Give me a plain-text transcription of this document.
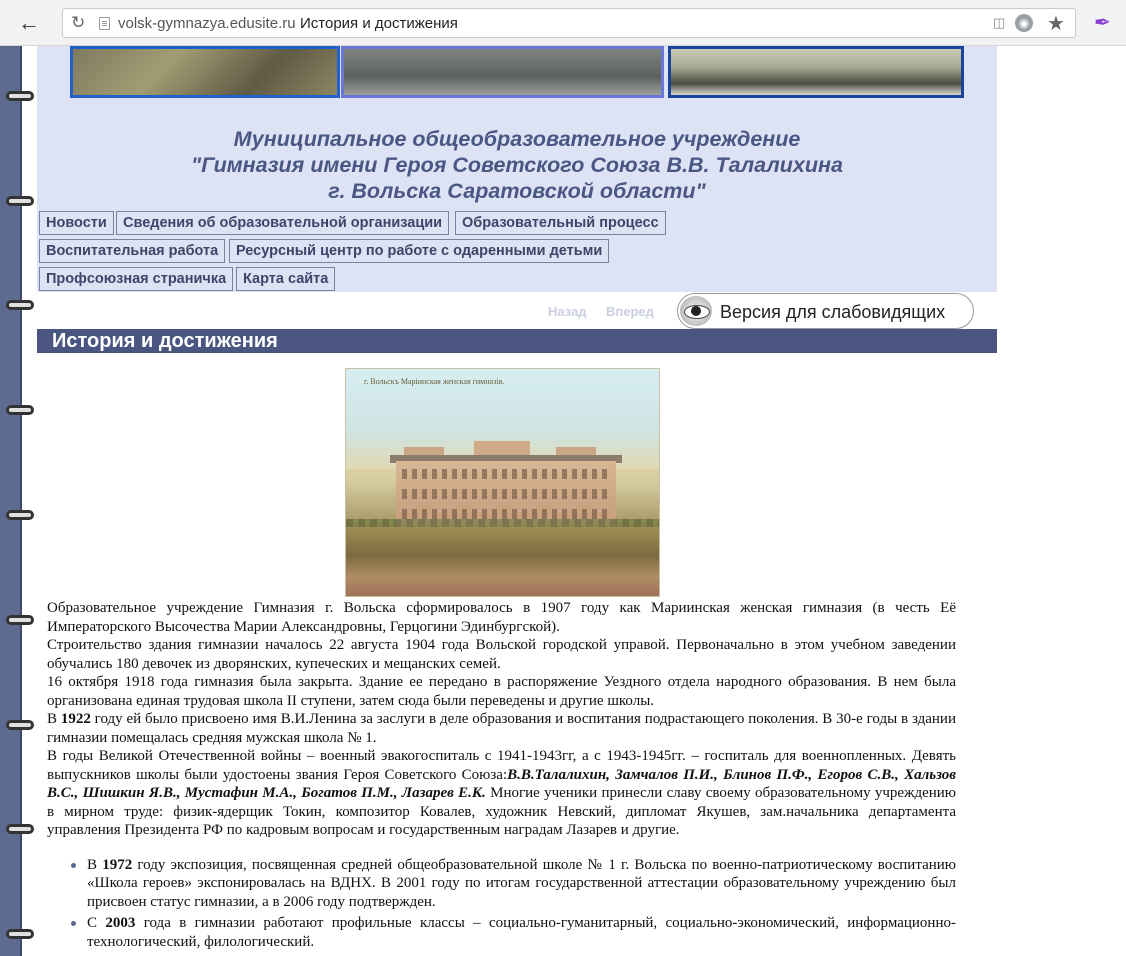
←	↻ volsk-gymnazya.edusite.ru История и достижения	◫	◉ ★ ✒
Муниципальное общеобразовательное учреждение
"Гимназия имени Героя Советского Союза В.В. Талалихина
г. Вольска Саратовской области"
Новости	Сведения об образовательной организации	Образовательный процесс
Воспитательная работа	Ресурсный центр по работе с одаренными детьми
Профсоюзная страничка	Карта сайта
Назад Вперед	Версия для слабовидящих
История и достижения
г. Вольскъ Маріинская женская гимназія.

Образовательное учреждение Гимназия г. Вольска сформировалось в 1907 году как Мариинская женская гимназия (в честь Её Императорского Высочества Марии Александровны, Герцогини Эдинбургской).

Строительство здания гимназии началось 22 августа 1904 года Вольской городской управой. Первоначально в этом учебном заведении обучались 180 девочек из дворянских, купеческих и мещанских семей.

16 октября 1918 года гимназия была закрыта. Здание ее передано в распоряжение Уездного отдела народного образования. В нем была организована единая трудовая школа II ступени, затем сюда были переведены и другие школы.

В 1922 году ей было присвоено имя В.И.Ленина за заслуги в деле образования и воспитания подрастающего поколения. В 30-е годы в здании гимназии помещалась средняя мужская школа № 1.

В годы Великой Отечественной войны – военный эвакогоспиталь с 1941-1943гг, а с 1943-1945гг. – госпиталь для военнопленных. Девять выпускников школы были удостоены звания Героя Советского Союза:В.В.Талалихин, Замчалов П.И., Блинов П.Ф., Егоров С.В., Хальзов В.С., Шишкин Я.В., Мустафин М.А., Богатов П.М., Лазарев Е.К. Многие ученики принесли славу своему образовательному учреждению в мирном труде: физик-ядерщик Токин, композитор Ковалев, художник Невский, дипломат Якушев, зам.начальника департамента управления Президента РФ по кадровым вопросам и государственным наградам Лазарев и другие.

В 1972 году экспозиция, посвященная средней общеобразовательной школе № 1 г. Вольска по военно-патриотическому воспитанию «Школа героев» экспонировалась на ВДНХ. В 2001 году по итогам государственной аттестации образовательному учреждению был присвоен статус гимназии, а в 2006 году подтвержден.
С 2003 года в гимназии работают профильные классы – социально-гуманитарный, социально-экономический, информационно-технологический, филологический.
